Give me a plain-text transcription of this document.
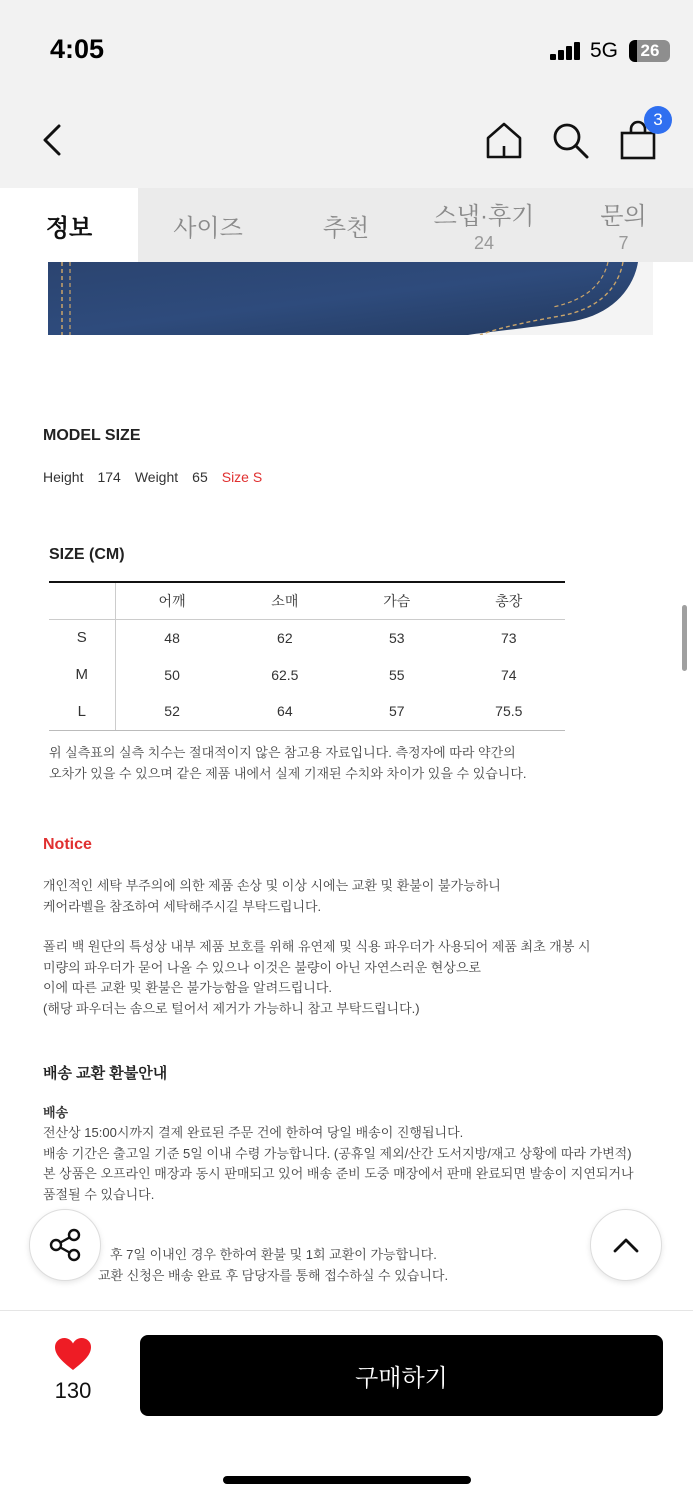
4:05	5G	26
3
정보	사이즈	추천	스냅·후기
24
문의
7
MODEL SIZE
Height 174 Weight 65 Size S
SIZE (CM)
	어깨	소매	가슴	총장
S	48	62	53	73
M	50	62.5	55	74
L	52	64	57	75.5
위 실측표의 실측 치수는 절대적이지 않은 참고용 자료입니다. 측정자에 따라 약간의
오차가 있을 수 있으며 같은 제품 내에서 실제 기재된 수치와 차이가 있을 수 있습니다.
Notice
개인적인 세탁 부주의에 의한 제품 손상 및 이상 시에는 교환 및 환불이 불가능하니
케어라벨을 참조하여 세탁해주시길 부탁드립니다.
폴리 백 원단의 특성상 내부 제품 보호를 위해 유연제 및 식용 파우더가 사용되어 제품 최초 개봉 시
미량의 파우더가 묻어 나올 수 있으나 이것은 불량이 아닌 자연스러운 현상으로
이에 따른 교환 및 환불은 불가능함을 알려드립니다.
(해당 파우더는 솜으로 털어서 제거가 가능하니 참고 부탁드립니다.)
배송 교환 환불안내
배송
전산상 15:00시까지 결제 완료된 주문 건에 한하여 당일 배송이 진행됩니다.
배송 기간은 출고일 기준 5일 이내 수령 가능합니다. (공휴일 제외/산간 도서지방/재고 상황에 따라 가변적)
본 상품은 오프라인 매장과 동시 판매되고 있어 배송 준비 도중 매장에서 판매 완료되면 발송이 지연되거나
품절될 수 있습니다.
후 7일 이내인 경우 한하여 환불 및 1회 교환이 가능합니다.
교환 신청은 배송 완료 후 담당자를 통해 접수하실 수 있습니다.
130	구매하기
